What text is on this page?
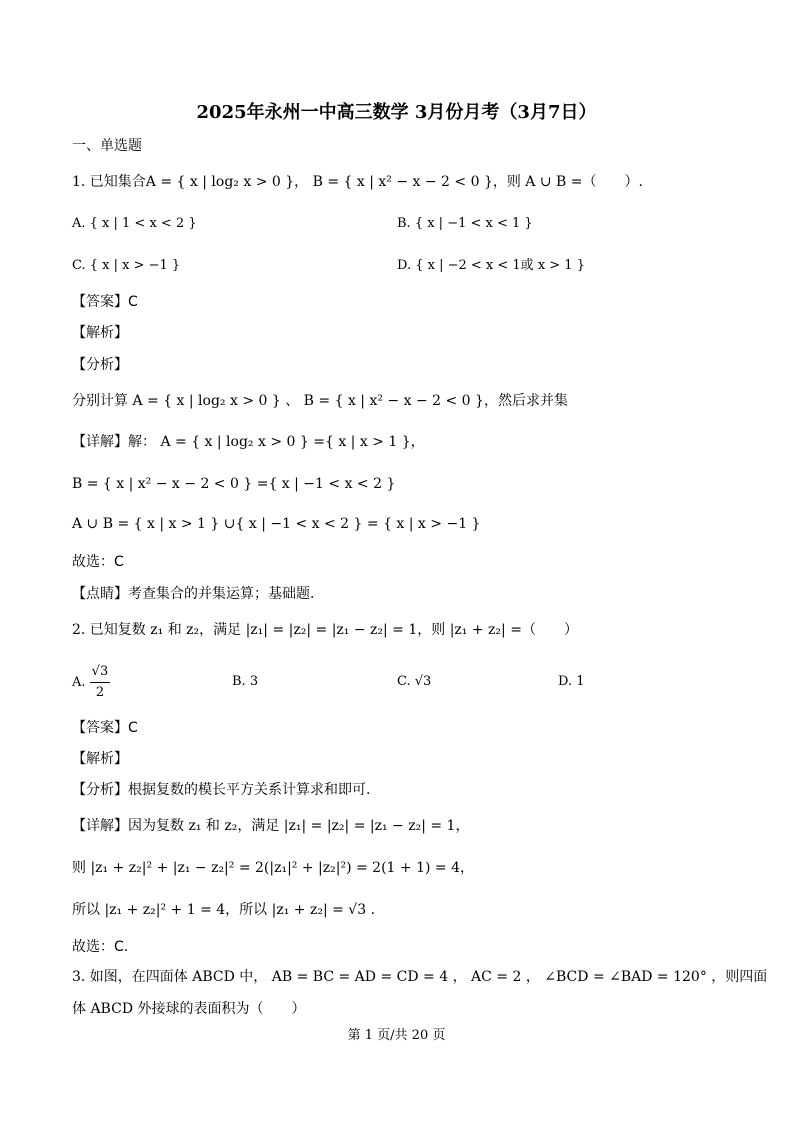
2025年永州一中高三数学 3月份月考（3月7日）
一、单选题
1. 已知集合A = { x | log₂ x > 0 }， B = { x | x² − x − 2 < 0 }，则 A ∪ B =（　　）.
A. { x | 1 < x < 2 }	B. { x | −1 < x < 1 }
C. { x | x > −1 }	D. { x | −2 < x < 1或 x > 1 }
【答案】C
【解析】
【分析】
分别计算 A = { x | log₂ x > 0 } 、 B = { x | x² − x − 2 < 0 }，然后求并集
【详解】解： A = { x | log₂ x > 0 } ={ x | x > 1 }，
B = { x | x² − x − 2 < 0 } ={ x | −1 < x < 2 }
A ∪ B = { x | x > 1 } ∪{ x | −1 < x < 2 } = { x | x > −1 }
故选：C
【点睛】考查集合的并集运算；基础题.
2. 已知复数 z₁ 和 z₂，满足 |z₁| = |z₂| = |z₁ − z₂| = 1，则 |z₁ + z₂| =（　　）
A. $\frac{√3}{2}$	B. 3	C. √3	D. 1
【答案】C
【解析】
【分析】根据复数的模长平方关系计算求和即可.
【详解】因为复数 z₁ 和 z₂，满足 |z₁| = |z₂| = |z₁ − z₂| = 1，
则 |z₁ + z₂|² + |z₁ − z₂|² = 2(|z₁|² + |z₂|²) = 2(1 + 1) = 4，
所以 |z₁ + z₂|² + 1 = 4，所以 |z₁ + z₂| = √3 .
故选：C.
3. 如图，在四面体 ABCD 中， AB = BC = AD = CD = 4 ， AC = 2 ， ∠BCD = ∠BAD = 120° ，则四面
体 ABCD 外接球的表面积为（　　）
第 1 页/共 20 页
